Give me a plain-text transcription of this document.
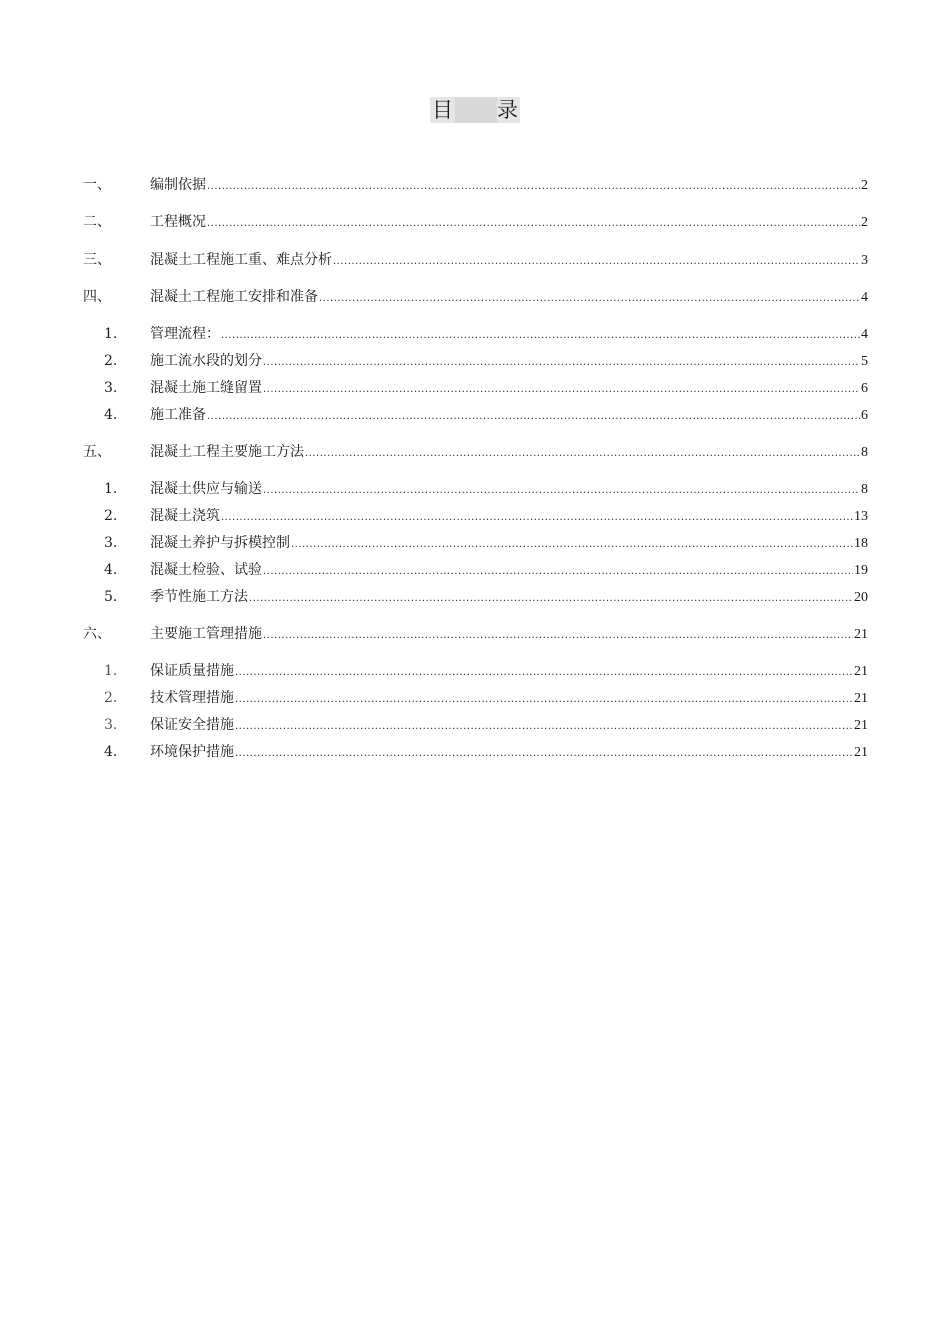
目 录
一、	编制依据 .....	2
二、	工程概况 .....	2
三、	混凝土工程施工重、难点分析 .....	3
四、	混凝土工程施工安排和准备 .....	4
1. 管理流程： .....	4
2. 施工流水段的划分 .....	5
3. 混凝土施工缝留置 .....	6
4. 施工准备 .....	6
五、	混凝土工程主要施工方法 .....	8
1. 混凝土供应与输送 .....	8
2. 混凝土浇筑 .....	13
3. 混凝土养护与拆模控制 .....	18
4. 混凝土检验、试验 .....	19
5. 季节性施工方法 .....	20
六、	主要施工管理措施 .....	21
1. 保证质量措施 .....	21
2. 技术管理措施 .....	21
3. 保证安全措施 .....	21
4. 环境保护措施 .....	21
